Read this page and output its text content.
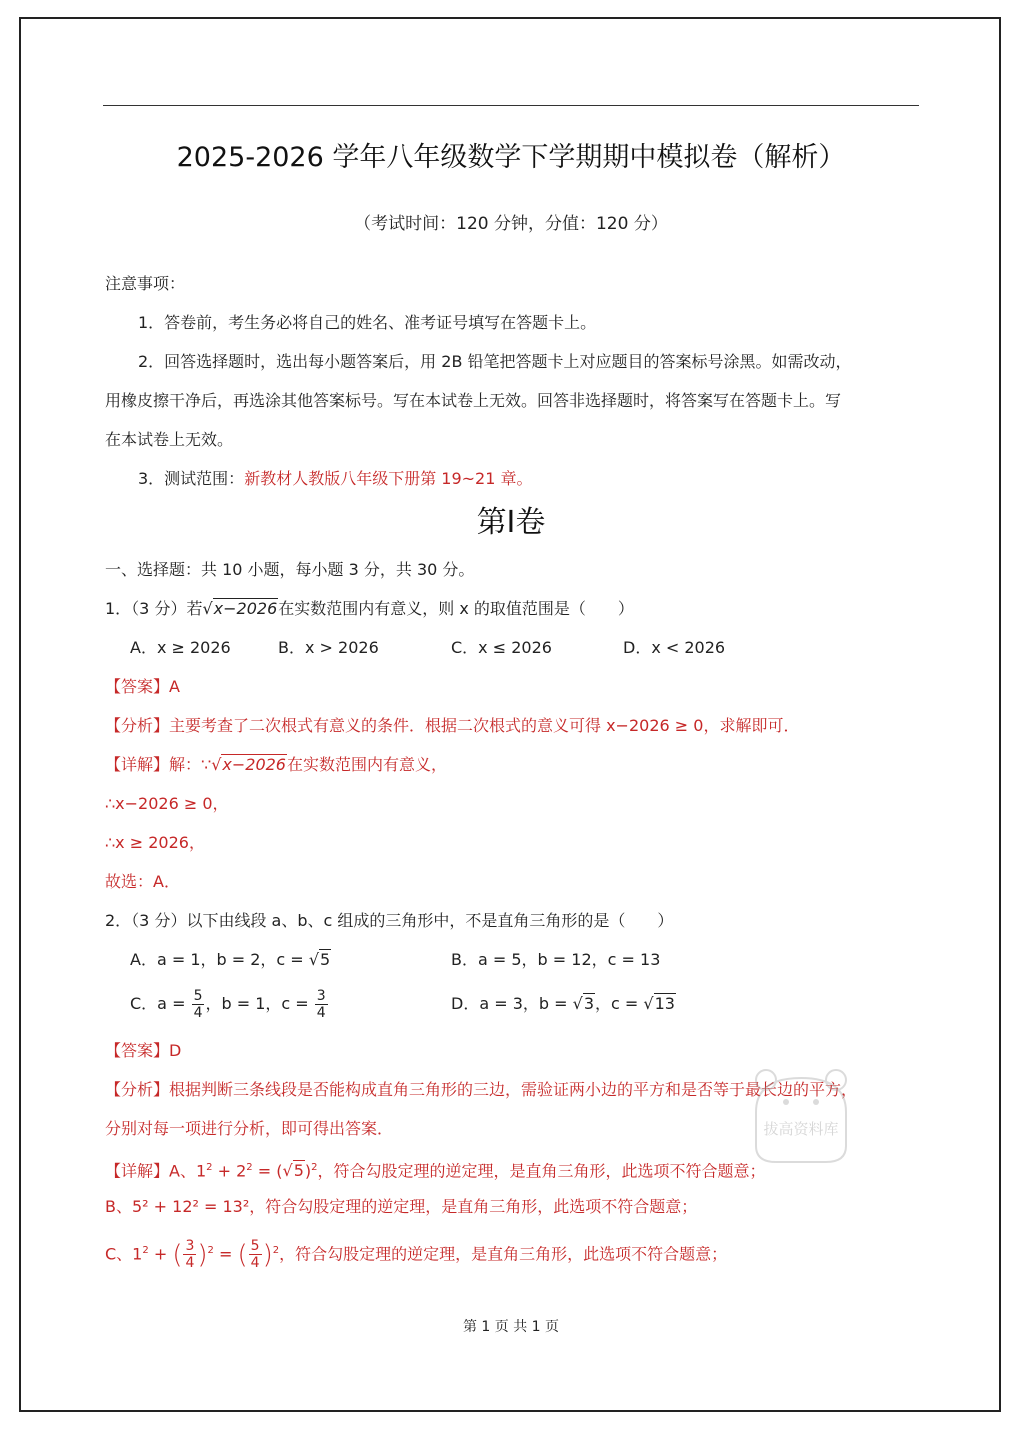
2025-2026 学年八年级数学下学期期中模拟卷（解析）
（考试时间：120 分钟，分值：120 分）
注意事项：
1．答卷前，考生务必将自己的姓名、准考证号填写在答题卡上。
2．回答选择题时，选出每小题答案后，用 2B 铅笔把答题卡上对应题目的答案标号涂黑。如需改动，
用橡皮擦干净后，再选涂其他答案标号。写在本试卷上无效。回答非选择题时，将答案写在答题卡上。写
在本试卷上无效。
3．测试范围：新教材人教版八年级下册第 19~21 章。
第Ⅰ卷
一、选择题：共 10 小题，每小题 3 分，共 30 分。
1．（3 分）若√x−2026在实数范围内有意义，则 x 的取值范围是（　　）
A．x ≥ 2026	B．x > 2026	C．x ≤ 2026	D．x < 2026
【答案】A
【分析】主要考查了二次根式有意义的条件．根据二次根式的意义可得 x−2026 ≥ 0，求解即可．
【详解】解：∵√x−2026在实数范围内有意义，
∴x−2026 ≥ 0，
∴x ≥ 2026，
故选：A．
2．（3 分）以下由线段 a、b、c 组成的三角形中，不是直角三角形的是（　　）
A．a = 1，b = 2，c = √5	B．a = 5，b = 12，c = 13
C．$a = \frac{5}{4}$ ，b = 1，$c = \frac{3}{4}$	D．a = 3，b = √3，c = √13
【答案】D
【分析】根据判断三条线段是否能构成直角三角形的三边，需验证两小边的平方和是否等于最长边的平方，
分别对每一项进行分析，即可得出答案．
【详解】A、$1^2 + 2^2 = (√5)^2$，符合勾股定理的逆定理，是直角三角形，此选项不符合题意；
B、5² + 12² = 13²，符合勾股定理的逆定理，是直角三角形，此选项不符合题意；
C、$1^2$ + ( $\frac{3}{4} )^2$ = ( $\frac{5}{4} )^2$，符合勾股定理的逆定理，是直角三角形，此选项不符合题意；
拔高资料库
第 1 页 共 1 页
